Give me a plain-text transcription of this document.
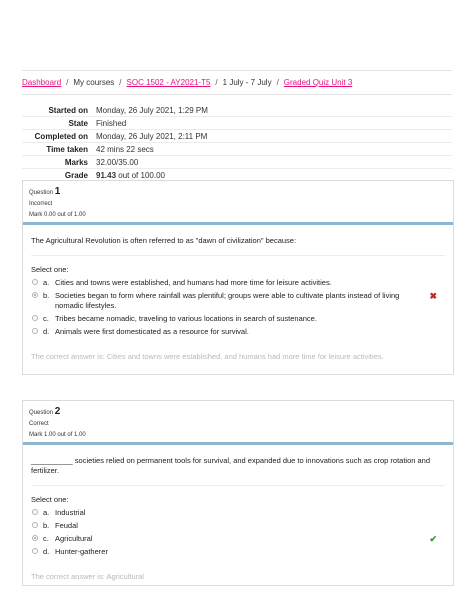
Dashboard / My courses / SOC 1502 - AY2021-T5 / 1 July - 7 July / Graded Quiz Unit 3
Started on	Monday, 26 July 2021, 1:29 PM
State	Finished
Completed on	Monday, 26 July 2021, 2:11 PM
Time taken	42 mins 22 secs
Marks	32.00/35.00
Grade	91.43 out of 100.00
Question 1
Incorrect
Mark 0.00 out of 1.00
The Agricultural Revolution is often referred to as "dawn of civilization" because:
Select one:
a. Cities and towns were established, and humans had more time for leisure activities.
b. Societies began to form where rainfall was plentiful; groups were able to cultivate plants instead of living nomadic lifestyles.
✖
c. Tribes became nomadic, traveling to various locations in search of sustenance.
d. Animals were first domesticated as a resource for survival.
The correct answer is: Cities and towns were established, and humans had more time for leisure activities.
Question 2
Correct
Mark 1.00 out of 1.00
__________ societies relied on permanent tools for survival, and expanded due to innovations such as crop rotation and fertilizer.
Select one:
a. Industrial
b. Feudal
c. Agricultural	✔
d. Hunter-gatherer
The correct answer is: Agricultural
